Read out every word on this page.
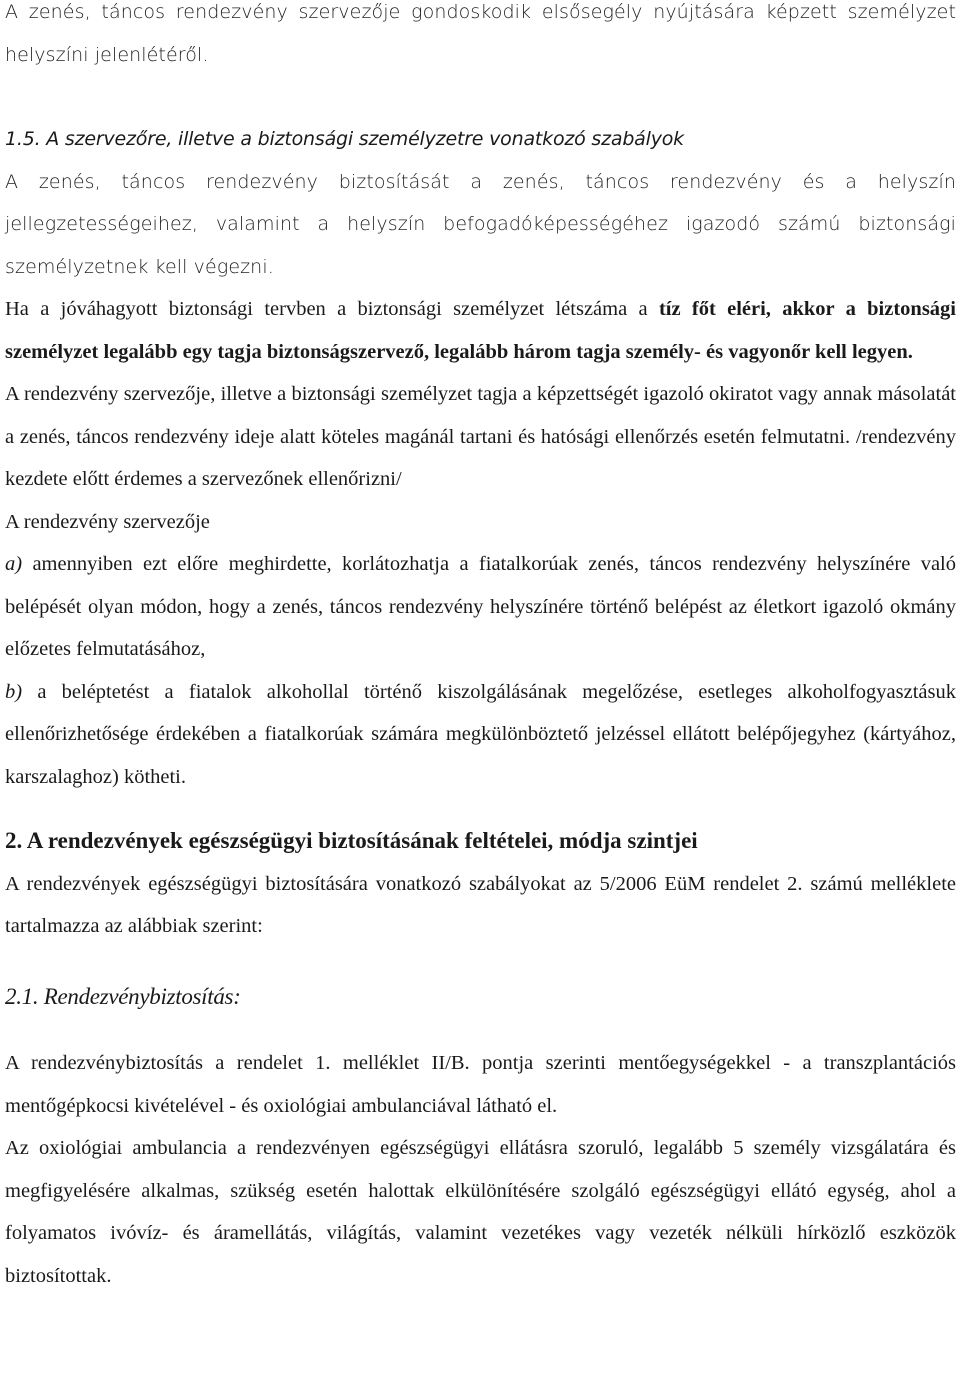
A zenés, táncos rendezvény szervezője gondoskodik elsősegély nyújtására képzett személyzet helyszíni jelenlétéről.

1.5. A szervezőre, illetve a biztonsági személyzetre vonatkozó szabályok

A zenés, táncos rendezvény biztosítását a zenés, táncos rendezvény és a helyszín jellegzetességeihez, valamint a helyszín befogadóképességéhez igazodó számú biztonsági személyzetnek kell végezni.

Ha a jóváhagyott biztonsági tervben a biztonsági személyzet létszáma a tíz főt eléri, akkor a biztonsági személyzet legalább egy tagja biztonságszervező, legalább három tagja személy- és vagyonőr kell legyen.

A rendezvény szervezője, illetve a biztonsági személyzet tagja a képzettségét igazoló okiratot vagy annak másolatát a zenés, táncos rendezvény ideje alatt köteles magánál tartani és hatósági ellenőrzés esetén felmutatni. /rendezvény kezdete előtt érdemes a szervezőnek ellenőrizni/

A rendezvény szervezője

a) amennyiben ezt előre meghirdette, korlátozhatja a fiatalkorúak zenés, táncos rendezvény helyszínére való belépését olyan módon, hogy a zenés, táncos rendezvény helyszínére történő belépést az életkort igazoló okmány előzetes felmutatásához,

b) a beléptetést a fiatalok alkohollal történő kiszolgálásának megelőzése, esetleges alkoholfogyasztásuk ellenőrizhetősége érdekében a fiatalkorúak számára megkülönböztető jelzéssel ellátott belépőjegyhez (kártyához, karszalaghoz) kötheti.

2. A rendezvények egészségügyi biztosításának feltételei, módja szintjei

A rendezvények egészségügyi biztosítására vonatkozó szabályokat az 5/2006 EüM rendelet 2. számú melléklete tartalmazza az alábbiak szerint:

2.1. Rendezvénybiztosítás:

A rendezvénybiztosítás a rendelet 1. melléklet II/B. pontja szerinti mentőegységekkel - a transzplantációs mentőgépkocsi kivételével - és oxiológiai ambulanciával látható el.

Az oxiológiai ambulancia a rendezvényen egészségügyi ellátásra szoruló, legalább 5 személy vizsgálatára és megfigyelésére alkalmas, szükség esetén halottak elkülönítésére szolgáló egészségügyi ellátó egység, ahol a folyamatos ivóvíz- és áramellátás, világítás, valamint vezetékes vagy vezeték nélküli hírközlő eszközök biztosítottak.
